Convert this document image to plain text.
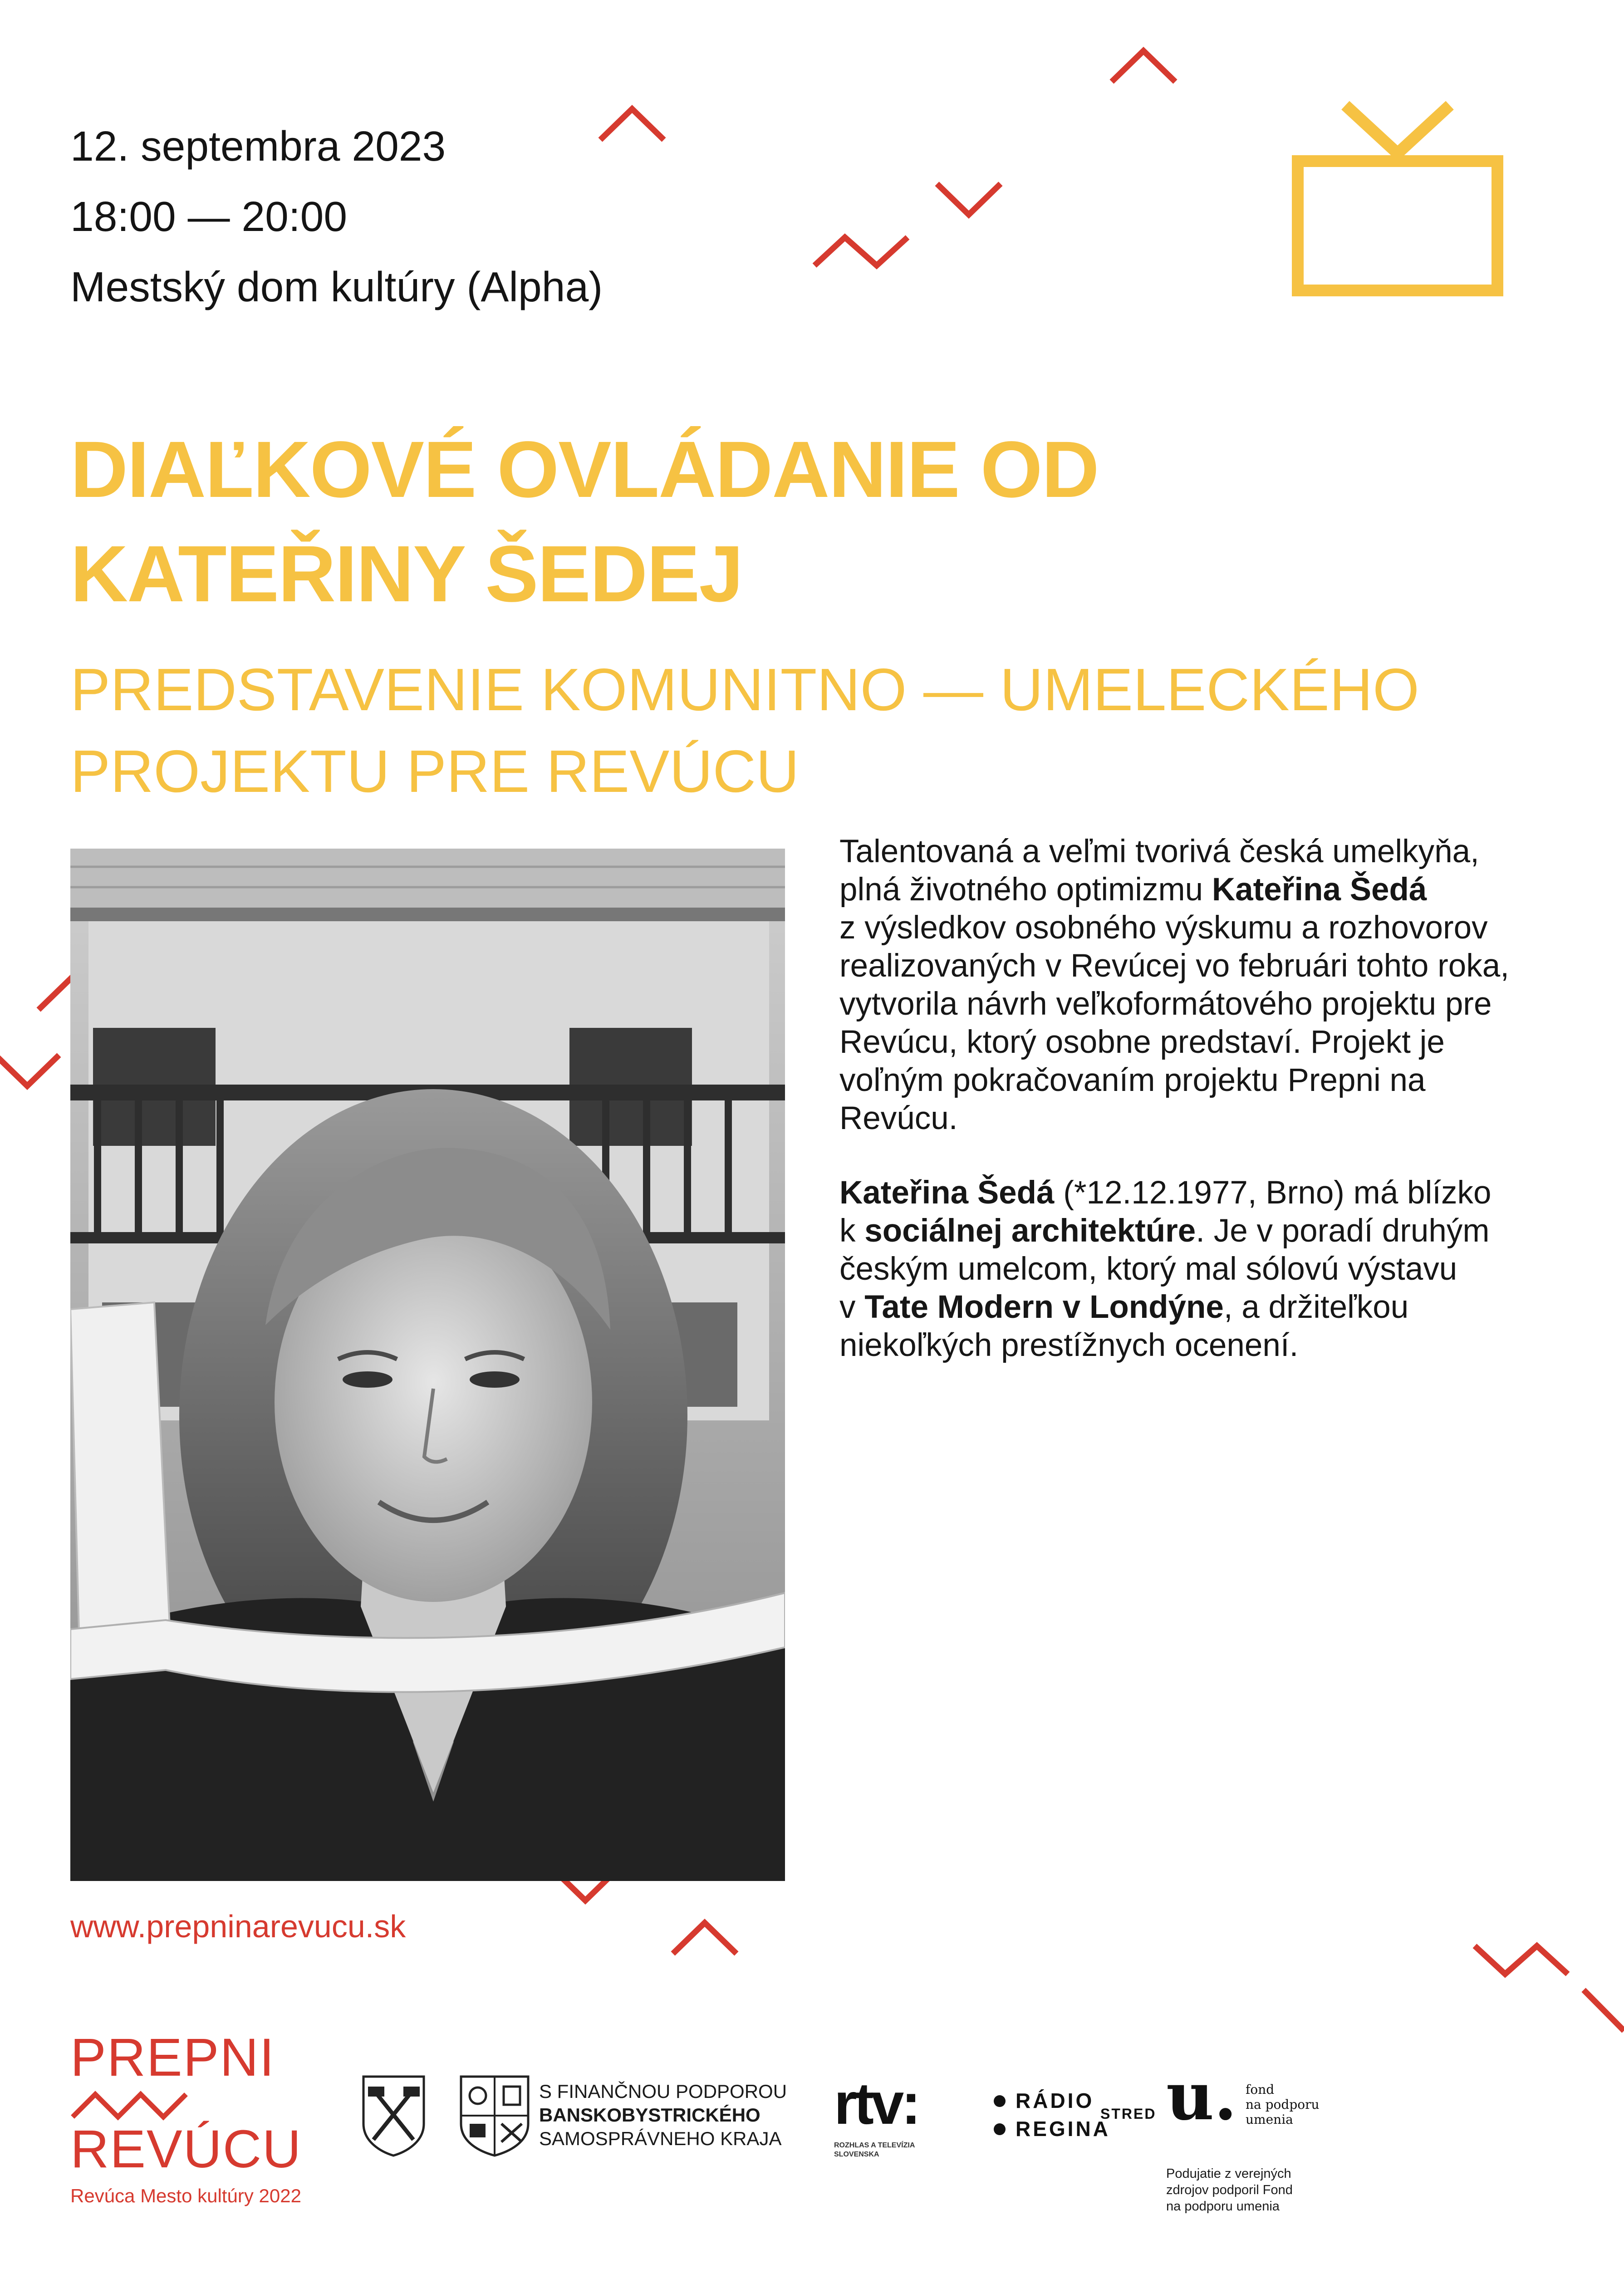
12. septembra 2023
18:00 — 20:00
Mestský dom kultúry (Alpha)
DIAĽKOVÉ OVLÁDANIE OD
KATEŘINY ŠEDEJ
PREDSTAVENIE KOMUNITNO — UMELECKÉHO
PROJEKTU PRE REVÚCU

Talentovaná a veľmi tvorivá česká umelkyňa,
plná životného optimizmu Kateřina Šedá
z výsledkov osobného výskumu a rozhovorov
realizovaných v Revúcej vo februári tohto roka,
vytvorila návrh veľkoformátového projektu pre
Revúcu, ktorý osobne predstaví. Projekt je
voľným pokračovaním projektu Prepni na
Revúcu.

Kateřina Šedá (*12.12.1977, Brno) má blízko
k sociálnej architektúre. Je v poradí druhým
českým umelcom, ktorý mal sólovú výstavu
v Tate Modern v Londýne, a držiteľkou
niekoľkých prestížnych ocenení.

www.prepninarevucu.sk
PREPNI
REVÚCU
Revúca Mesto kultúry 2022
S FINANČNOU PODPOROU
BANSKOBYSTRICKÉHO
SAMOSPRÁVNEHO KRAJA
rtv:
ROZHLAS A TELEVÍZIA
SLOVENSKA
RÁDIO
REGINA
STRED u. fond
na podporu
umenia
Podujatie z verejných
zdrojov podporil Fond
na podporu umenia
